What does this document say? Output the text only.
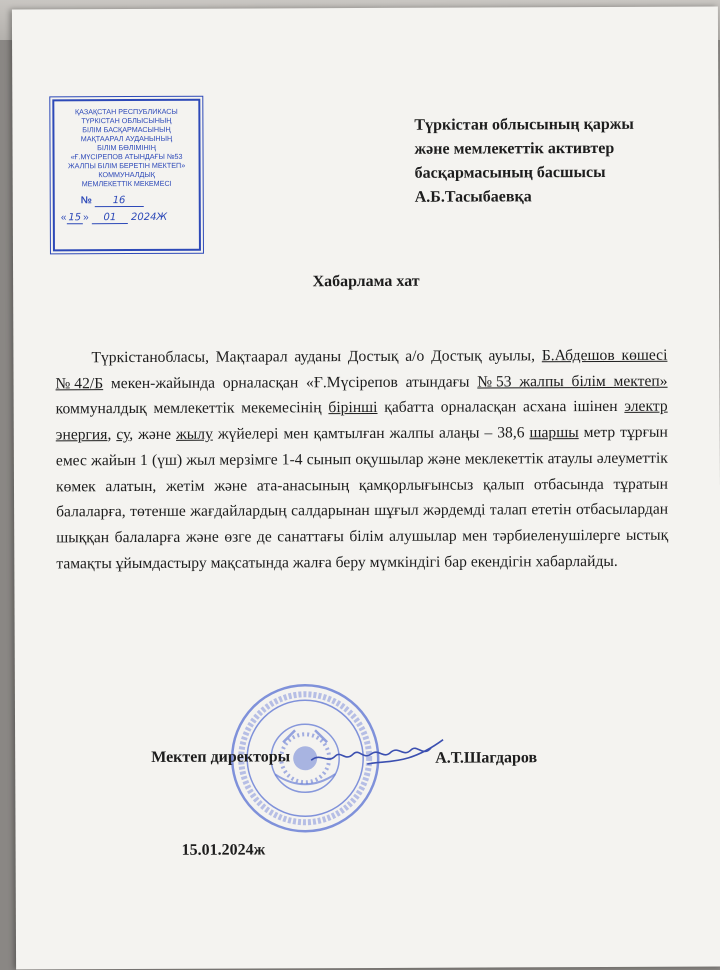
ҚАЗАҚСТАН РЕСПУБЛИКАСЫ
ТҮРКІСТАН ОБЛЫСЫНЫҢ
БІЛІМ БАСҚАРМАСЫНЫҢ
МАҚТААРАЛ АУДАНЫНЫҢ
БІЛІМ БӨЛІМІНІҢ
«Ғ.МҮСІРЕПОВ АТЫНДАҒЫ №53
ЖАЛПЫ БІЛІМ БЕРЕТІН МЕКТЕП»
КОММУНАЛДЫҚ
МЕМЛЕКЕТТІК МЕКЕМЕСІ
№ 16
« 15 » 01 2024Ж
Түркістан облысының қаржы
және мемлекеттік активтер
басқармасының басшысы
А.Б.Тасыбаевқа
Хабарлама хат
Түркістанобласы, Мақтаарал ауданы Достық а/о Достық ауылы, Б.Абдешов көшесі №42/Б мекен-жайында орналасқан «Ғ.Мүсірепов атындағы №53 жалпы білім мектеп» коммуналдық мемлекеттік мекемесінің бірінші қабатта орналасқан асхана ішінен электр энергия, су, және жылу жүйелері мен қамтылған жалпы алаңы – 38,6 шаршы метр тұрғын емес жайын 1 (үш) жыл мерзімге 1-4 сынып оқушылар және меклекеттік атаулы әлеуметтік көмек алатын, жетім және ата-анасының қамқорлығынсыз қалып отбасында тұратын балаларға, төтенше жағдайлардың салдарынан шұғыл жәрдемді талап ететін отбасылардан шыққан балаларға және өзге де санаттағы білім алушылар мен тәрбиеленушілерге ыстық тамақты ұйымдастыру мақсатында жалға беру мүмкіндігі бар екендігін хабарлайды.
Мектеп директоры	А.Т.Шагдаров
15.01.2024ж
